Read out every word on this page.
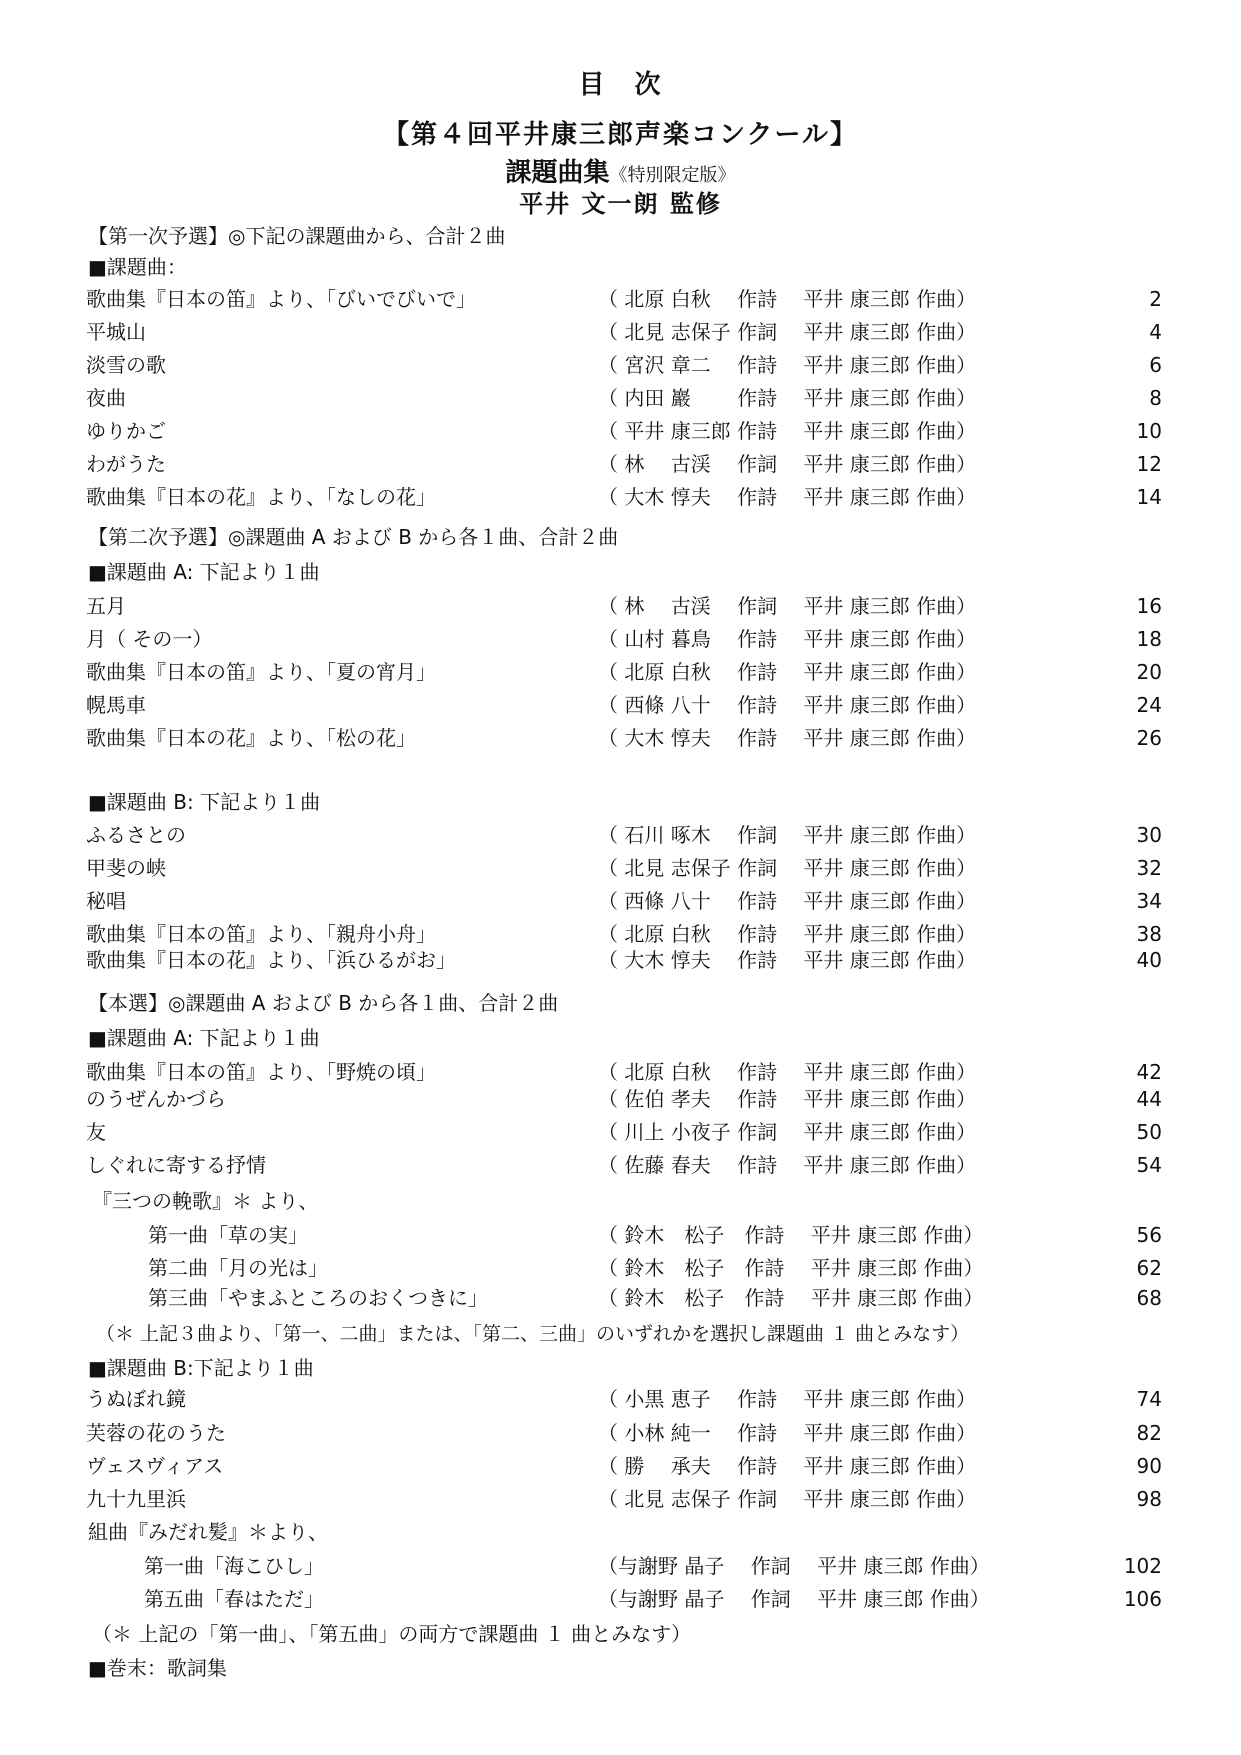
目　次
【第４回平井康三郎声楽コンクール】
課題曲集《特別限定版》
平井 文一朗 監修
【第一次予選】◎下記の課題曲から、合計２曲
■課題曲：
歌曲集『日本の笛』より、「びいでびいで」	（ 北原 白秋　 作詩　 平井 康三郎 作曲）	2
平城山	（ 北見 志保子 作詞　 平井 康三郎 作曲）	4
淡雪の歌	（ 宮沢 章二　 作詩　 平井 康三郎 作曲）	6
夜曲	（ 内田 巖　　 作詩　 平井 康三郎 作曲）	8
ゆりかご	（ 平井 康三郎 作詩　 平井 康三郎 作曲）	10
わがうた	（ 林　 古渓　 作詞　 平井 康三郎 作曲）	12
歌曲集『日本の花』より、「なしの花」	（ 大木 惇夫　 作詩　 平井 康三郎 作曲）	14
【第二次予選】◎課題曲 A および B から各１曲、合計２曲
■課題曲 A: 下記より１曲
五月	（ 林　 古渓　 作詞　 平井 康三郎 作曲）	16
月（ その一）	（ 山村 暮鳥　 作詩　 平井 康三郎 作曲）	18
歌曲集『日本の笛』より、「夏の宵月」	（ 北原 白秋　 作詩　 平井 康三郎 作曲）	20
幌馬車	（ 西條 八十　 作詩　 平井 康三郎 作曲）	24
歌曲集『日本の花』より、「松の花」	（ 大木 惇夫　 作詩　 平井 康三郎 作曲）	26
■課題曲 B: 下記より１曲
ふるさとの	（ 石川 啄木　 作詞　 平井 康三郎 作曲）	30
甲斐の峡	（ 北見 志保子 作詞　 平井 康三郎 作曲）	32
秘唱	（ 西條 八十　 作詩　 平井 康三郎 作曲）	34
歌曲集『日本の笛』より、「親舟小舟」	（ 北原 白秋　 作詩　 平井 康三郎 作曲）	38
歌曲集『日本の花』より、「浜ひるがお」	（ 大木 惇夫　 作詩　 平井 康三郎 作曲）	40
【本選】◎課題曲 A および B から各１曲、合計２曲
■課題曲 A: 下記より１曲
歌曲集『日本の笛』より、「野焼の頃」	（ 北原 白秋　 作詩　 平井 康三郎 作曲）	42
のうぜんかづら	（ 佐伯 孝夫　 作詩　 平井 康三郎 作曲）	44
友	（ 川上 小夜子 作詞　 平井 康三郎 作曲）	50
しぐれに寄する抒情	（ 佐藤 春夫　 作詩　 平井 康三郎 作曲）	54
『三つの輓歌』＊ より、
第一曲「草の実」	（ 鈴木　松子　作詩　 平井 康三郎 作曲）	56
第二曲「月の光は」	（ 鈴木　松子　作詩　 平井 康三郎 作曲）	62
第三曲「やまふところのおくつきに」	（ 鈴木　松子　作詩　 平井 康三郎 作曲）	68
（＊ 上記３曲より、「第一、二曲」または、「第二、三曲」のいずれかを選択し課題曲 １ 曲とみなす）
■課題曲 B:下記より１曲
うぬぼれ鏡	（ 小黒 恵子　 作詩　 平井 康三郎 作曲）	74
芙蓉の花のうた	（ 小林 純一　 作詩　 平井 康三郎 作曲）	82
ヴェスヴィアス	（ 勝　 承夫　 作詩　 平井 康三郎 作曲）	90
九十九里浜	（ 北見 志保子 作詞　 平井 康三郎 作曲）	98
組曲『みだれ髪』＊より、
第一曲「海こひし」	（与謝野 晶子　 作詞　 平井 康三郎 作曲）	102
第五曲「春はただ」	（与謝野 晶子　 作詞　 平井 康三郎 作曲）	106
（＊ 上記の「第一曲」、「第五曲」の両方で課題曲 １ 曲とみなす）
■巻末：歌詞集
